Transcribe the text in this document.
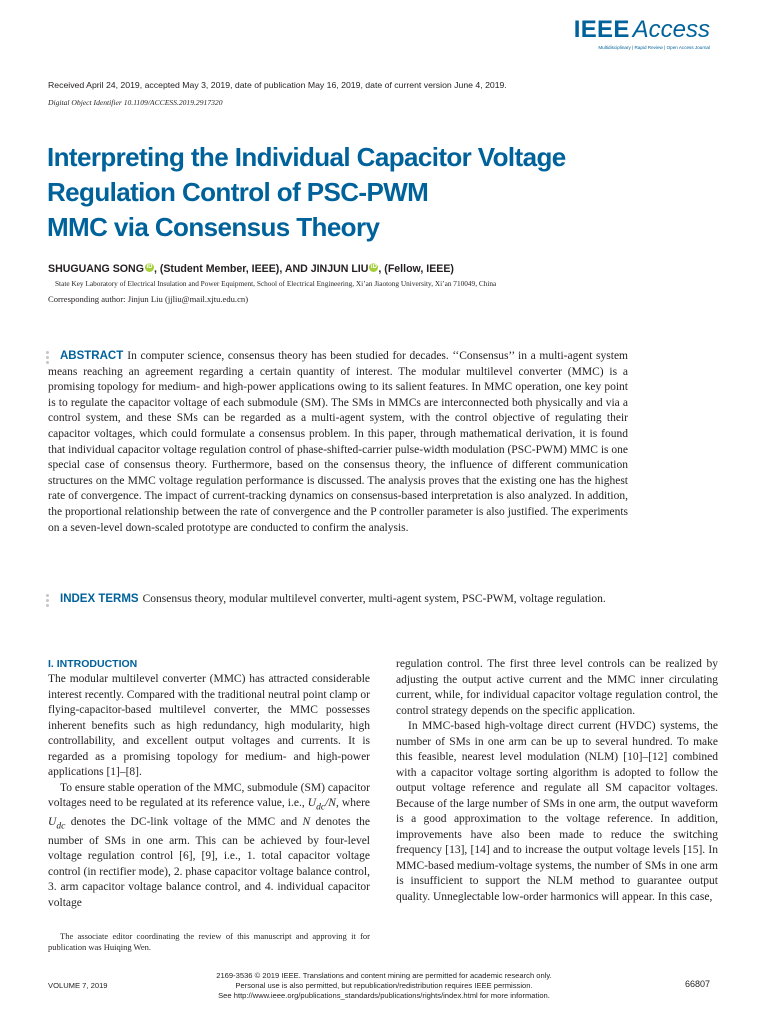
IEEE Access
Multidisciplinary | Rapid Review | Open Access Journal
Received April 24, 2019, accepted May 3, 2019, date of publication May 16, 2019, date of current version June 4, 2019.
Digital Object Identifier 10.1109/ACCESS.2019.2917320
Interpreting the Individual Capacitor Voltage
Regulation Control of PSC-PWM
MMC via Consensus Theory
SHUGUANG SONG iD , (Student Member, IEEE), AND JINJUN LIU iD , (Fellow, IEEE)
State Key Laboratory of Electrical Insulation and Power Equipment, School of Electrical Engineering, Xi’an Jiaotong University, Xi’an 710049, China
Corresponding author: Jinjun Liu (jjliu@mail.xjtu.edu.cn)
ABSTRACT In computer science, consensus theory has been studied for decades. ‘‘Consensus’’ in a multi-agent system means reaching an agreement regarding a certain quantity of interest. The modular multilevel converter (MMC) is a promising topology for medium- and high-power applications owing to its salient features. In MMC operation, one key point is to regulate the capacitor voltage of each submodule (SM). The SMs in MMCs are interconnected both physically and via a control system, and these SMs can be regarded as a multi-agent system, with the control objective of regulating their capacitor voltages, which could formulate a consensus problem. In this paper, through mathematical derivation, it is found that individual capacitor voltage regulation control of phase-shifted-carrier pulse-width modulation (PSC-PWM) MMC is one special case of consensus theory. Furthermore, based on the consensus theory, the influence of different communication structures on the MMC voltage regulation performance is discussed. The analysis proves that the existing one has the highest rate of convergence. The impact of current-tracking dynamics on consensus-based interpretation is also analyzed. In addition, the proportional relationship between the rate of convergence and the P controller parameter is also justified. The experiments on a seven-level down-scaled prototype are conducted to confirm the analysis.
INDEX TERMS Consensus theory, modular multilevel converter, multi-agent system, PSC-PWM, voltage regulation.
I. INTRODUCTION

The modular multilevel converter (MMC) has attracted considerable interest recently. Compared with the traditional neutral point clamp or flying-capacitor-based multilevel converter, the MMC possesses inherent benefits such as high redundancy, high modularity, high controllability, and excellent output voltages and currents. It is regarded as a promising topology for medium- and high-power applications [1]–[8].

To ensure stable operation of the MMC, submodule (SM) capacitor voltages need to be regulated at its reference value, i.e., $U_{dc}/N$, where $U_{dc}$ denotes the DC-link voltage of the MMC and N denotes the number of SMs in one arm. This can be achieved by four-level voltage regulation control [6], [9], i.e., 1. total capacitor voltage control (in rectifier mode), 2. phase capacitor voltage balance control, 3. arm capacitor voltage balance control, and 4. individual capacitor voltage

The associate editor coordinating the review of this manuscript and approving it for publication was Huiqing Wen.

regulation control. The first three level controls can be realized by adjusting the output active current and the MMC inner circulating current, while, for individual capacitor voltage regulation control, the control strategy depends on the specific application.

In MMC-based high-voltage direct current (HVDC) systems, the number of SMs in one arm can be up to several hundred. To make this feasible, nearest level modulation (NLM) [10]–[12] combined with a capacitor voltage sorting algorithm is adopted to follow the output voltage reference and regulate all SM capacitor voltages. Because of the large number of SMs in one arm, the output waveform is a good approximation to the voltage reference. In addition, improvements have also been made to reduce the switching frequency [13], [14] and to increase the output voltage levels [15]. In MMC-based medium-voltage systems, the number of SMs in one arm is insufficient to support the NLM method to guarantee output quality. Unneglectable low-order harmonics will appear. In this case,

VOLUME 7, 2019
2169-3536 © 2019 IEEE. Translations and content mining are permitted for academic research only.
Personal use is also permitted, but republication/redistribution requires IEEE permission.
See http://www.ieee.org/publications_standards/publications/rights/index.html for more information.
66807
